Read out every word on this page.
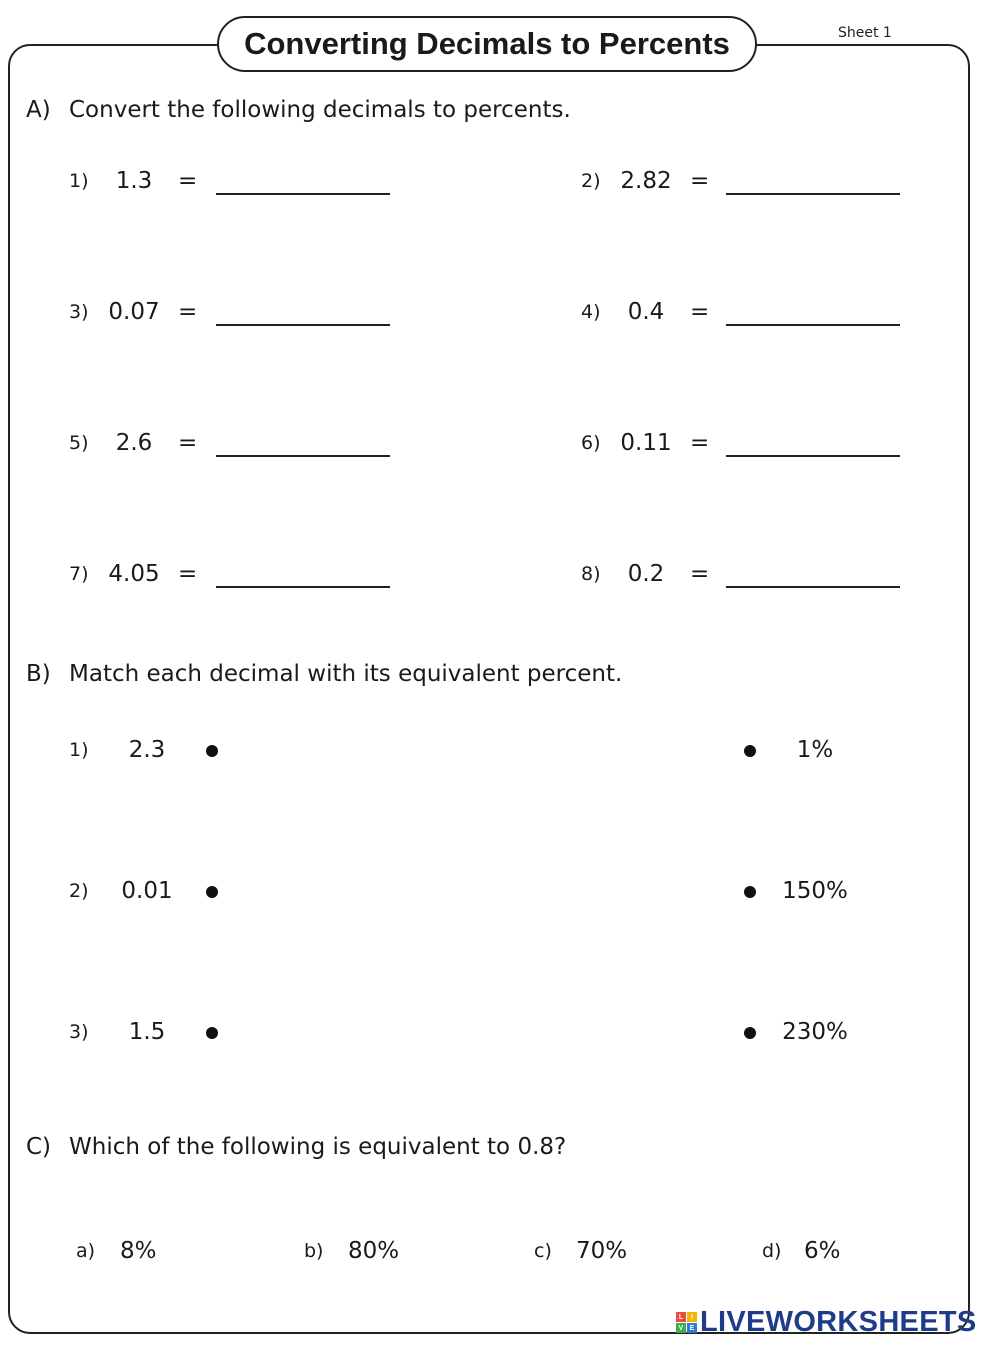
Converting Decimals to Percents	Sheet 1
A) Convert the following decimals to percents.
1)	1.3	=	2) 2.82 =
3) 0.07 =	4)	0.4	=
5)	2.6	=	6) 0.11 =
7) 4.05 =	8)	0.2	=
B) Match each decimal with its equivalent percent.
1)	2.3	1%
2)	0.01	150%
3)	1.5	230%
C) Which of the following is equivalent to 0.8?
a) 8%	b) 80%	c) 70%	d) 6%
L	I
V E LIVEWORKSHEETS
